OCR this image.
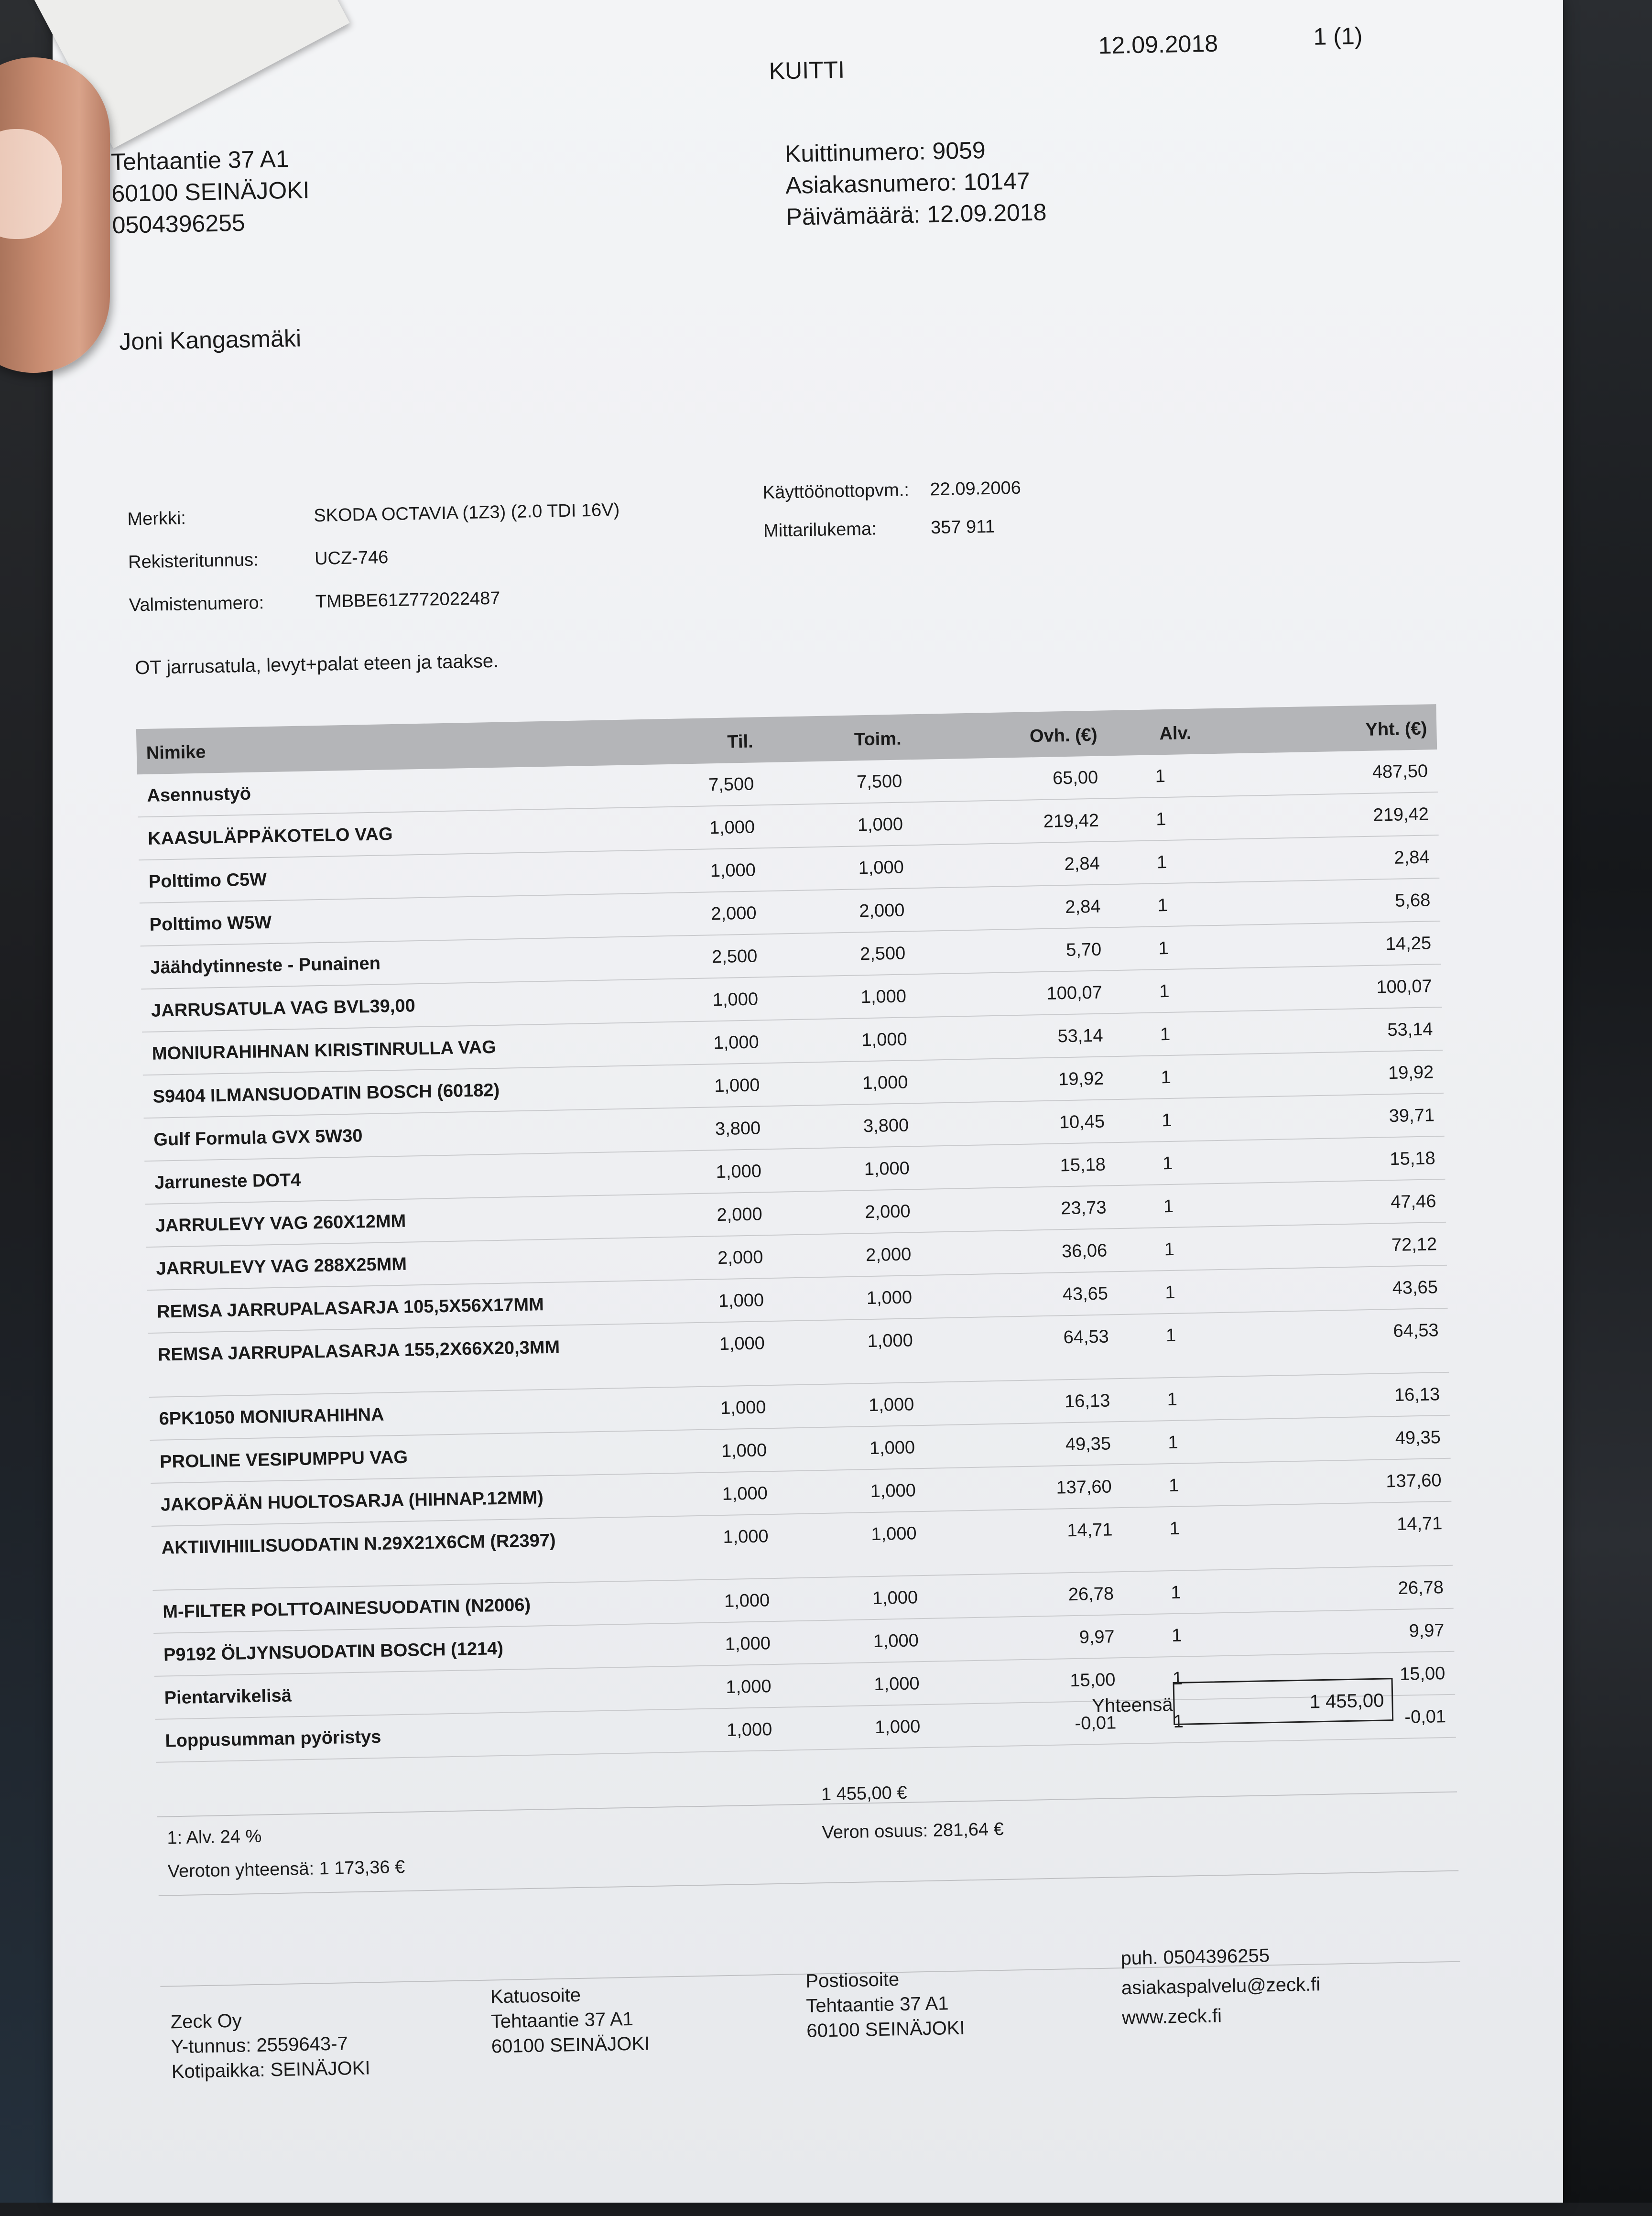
KUITTI
12.09.2018	1 (1)
Tehtaantie 37 A1
60100 SEINÄJOKI
0504396255
Kuittinumero: 9059
Asiakasnumero: 10147
Päivämäärä: 12.09.2018
Joni Kangasmäki
Merkki:	SKODA OCTAVIA (1Z3) (2.0 TDI 16V)
Rekisteritunnus:	UCZ-746
Valmistenumero:	TMBBE61Z772022487
Käyttöönottopvm.: 22.09.2006
Mittarilukema:	357 911
OT jarrusatula, levyt+palat eteen ja taakse.
Nimike
Til.	Toim.	Ovh. (€)	Alv.	Yht. (€)
Asennustyö	7,500	7,500	65,00	1	487,50
KAASULÄPPÄKOTELO VAG	1,000	1,000	219,42	1	219,42
Polttimo C5W	1,000	1,000	2,84	1	2,84
Polttimo W5W	2,000	2,000	2,84	1	5,68
Jäähdytinneste - Punainen	2,500	2,500	5,70	1	14,25
JARRUSATULA VAG BVL39,00	1,000	1,000	100,07	1	100,07
MONIURAHIHNAN KIRISTINRULLA VAG	1,000	1,000	53,14	1	53,14
S9404 ILMANSUODATIN BOSCH (60182)	1,000	1,000	19,92	1	19,92
Gulf Formula GVX 5W30	3,800	3,800	10,45	1	39,71
Jarruneste DOT4	1,000	1,000	15,18	1	15,18
JARRULEVY VAG 260X12MM	2,000	2,000	23,73	1	47,46
JARRULEVY VAG 288X25MM	2,000	2,000	36,06	1	72,12
REMSA JARRUPALASARJA 105,5X56X17MM	1,000	1,000	43,65	1	43,65
REMSA JARRUPALASARJA 155,2X66X20,3MM	1,000	1,000	64,53	1	64,53
6PK1050 MONIURAHIHNA	1,000	1,000	16,13	1	16,13
PROLINE VESIPUMPPU VAG	1,000	1,000	49,35	1	49,35
JAKOPÄÄN HUOLTOSARJA (HIHNAP.12MM)	1,000	1,000	137,60	1	137,60
AKTIIVIHIILISUODATIN N.29X21X6CM (R2397)	1,000	1,000	14,71	1	14,71
M-FILTER POLTTOAINESUODATIN (N2006)	1,000	1,000	26,78	1	26,78
P9192 ÖLJYNSUODATIN BOSCH (1214)	1,000	1,000	9,97	1	9,97
Pientarvikelisä	1,000	1,000	15,00	1	15,00
Loppusumman pyöristys	1,000	1,000	-0,01	1	-0,01
Yhteensä	1 455,00
1 455,00 €
1: Alv. 24 %	Veron osuus: 281,64 €
Veroton yhteensä: 1 173,36 €
Zeck Oy
Y-tunnus: 2559643-7
Kotipaikka: SEINÄJOKI
Katuosoite
Tehtaantie 37 A1
60100 SEINÄJOKI
Postiosoite
Tehtaantie 37 A1
60100 SEINÄJOKI
puh. 0504396255
asiakaspalvelu@zeck.fi
www.zeck.fi
